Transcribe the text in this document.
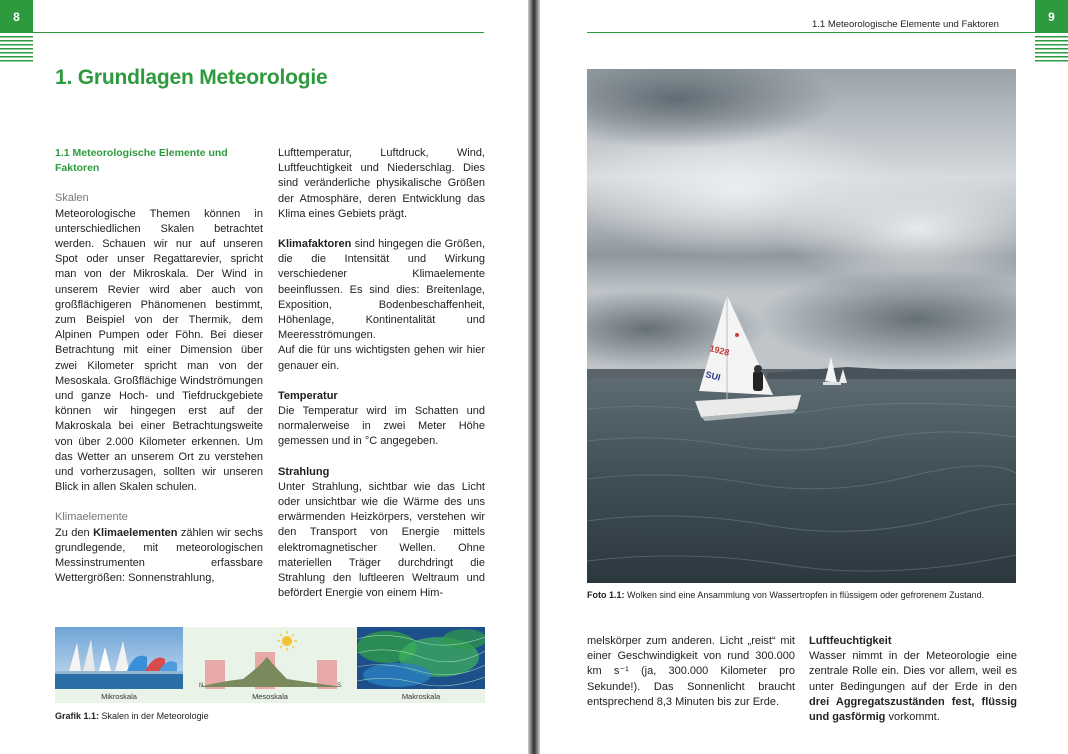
8
1. Grundlagen Meteorologie
1.1 Meteorologische Elemente und Faktoren
Skalen

Meteorologische Themen können in unterschiedlichen Skalen betrachtet werden. Schauen wir nur auf unseren Spot oder unser Regattarevier, spricht man von der Mikroskala. Der Wind in unserem Revier wird aber auch von großflächigeren Phänomenen bestimmt, zum Beispiel von der Thermik, dem Alpinen Pumpen oder Föhn. Bei dieser Betrachtung mit einer Dimension über zwei Kilometer spricht man von der Mesoskala. Großflächige Windströmungen und ganze Hoch- und Tiefdruckgebiete können wir hingegen erst auf der Makroskala bei einer Betrachtungsweite von über 2.000 Kilometer erkennen. Um das Wetter an unserem Ort zu verstehen und vorherzusagen, sollten wir unseren Blick in allen Skalen schulen.

Klimaelemente

Zu den Klimaelementen zählen wir sechs grundlegende, mit meteorologischen Messinstrumenten erfassbare Wettergrößen: Sonnenstrahlung,

Lufttemperatur, Luftdruck, Wind, Luftfeuchtigkeit und Niederschlag. Dies sind veränderliche physikalische Größen der Atmosphäre, deren Entwicklung das Klima eines Gebiets prägt.

Klimafaktoren sind hingegen die Größen, die die Intensität und Wirkung verschiedener Klimaelemente beeinflussen. Es sind dies: Breitenlage, Exposition, Bodenbeschaffenheit, Höhenlage, Kontinentalität und Meeresströmungen.

Auf die für uns wichtigsten gehen wir hier genauer ein.

Temperatur

Die Temperatur wird im Schatten und normalerweise in zwei Meter Höhe gemessen und in °C angegeben.

Strahlung

Unter Strahlung, sichtbar wie das Licht oder unsichtbar wie die Wärme des uns erwärmenden Heizkörpers, verstehen wir den Transport von Energie mittels elektromagnetischer Wellen. Ohne materiellen Träger durchdringt die Strahlung den luftleeren Weltraum und befördert Energie von einem Him-

N	S
Mikroskala	Mesoskala	Makroskala
Grafik 1.1: Skalen in der Meteorologie
1.1 Meteorologische Elemente und Faktoren
9
1928
SUI
Foto 1.1: Wolken sind eine Ansammlung von Wassertropfen in flüssigem oder gefrorenem Zustand.

melskörper zum anderen. Licht „reist“ mit einer Geschwindigkeit von rund 300.000 km s⁻¹ (ja, 300.000 Kilometer pro Sekunde!). Das Sonnenlicht braucht entsprechend 8,3 Minuten bis zur Erde.

Luftfeuchtigkeit

Wasser nimmt in der Meteorologie eine zentrale Rolle ein. Dies vor allem, weil es unter Bedingungen auf der Erde in den drei Aggregatszuständen fest, flüssig und gasförmig vorkommt.
